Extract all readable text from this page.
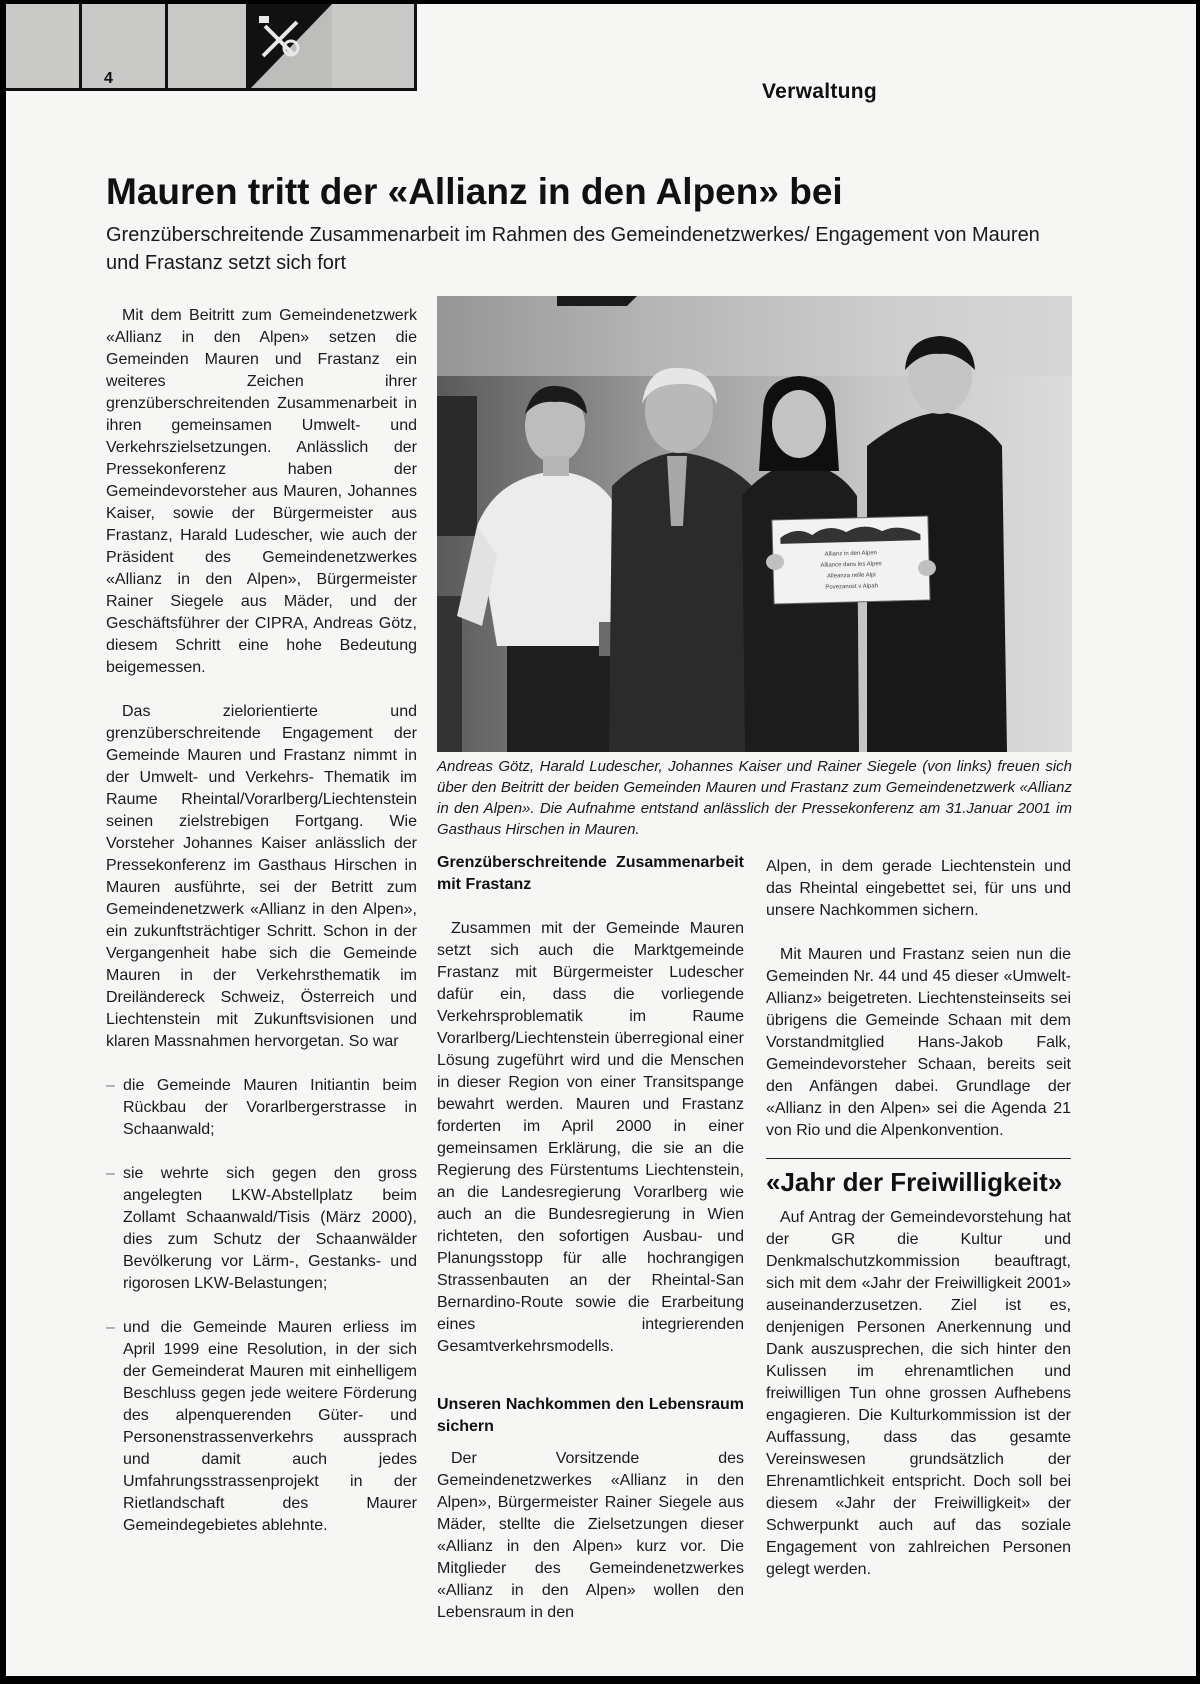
4
Verwaltung
Mauren tritt der «Allianz in den Alpen» bei

Grenzüberschreitende Zusammenarbeit im Rahmen des Gemeindenetzwerkes/ Engagement von Mauren und Frastanz setzt sich fort

Mit dem Beitritt zum Gemeindenetzwerk «Allianz in den Alpen» setzen die Gemeinden Mauren und Frastanz ein weiteres Zeichen ihrer grenzüberschreitenden Zusammenarbeit in ihren gemeinsamen Umwelt- und Verkehrszielsetzungen. Anlässlich der Pressekonferenz haben der Gemeindevorsteher aus Mauren, Johannes Kaiser, sowie der Bürgermeister aus Frastanz, Harald Ludescher, wie auch der Präsident des Gemeindenetzwerkes «Allianz in den Alpen», Bürgermeister Rainer Siegele aus Mäder, und der Geschäftsführer der CIPRA, Andreas Götz, diesem Schritt eine hohe Bedeutung beigemessen.

Das zielorientierte und grenzüberschreitende Engagement der Gemeinde Mauren und Frastanz nimmt in der Umwelt- und Verkehrs- Thematik im Raume Rheintal/Vorarlberg/Liechtenstein seinen zielstrebigen Fortgang. Wie Vorsteher Johannes Kaiser anlässlich der Pressekonferenz im Gasthaus Hirschen in Mauren ausführte, sei der Betritt zum Gemeindenetzwerk «Allianz in den Alpen», ein zukunftsträchtiger Schritt. Schon in der Vergangenheit habe sich die Gemeinde Mauren in der Verkehrsthematik im Dreiländereck Schweiz, Österreich und Liechtenstein mit Zukunftsvisionen und klaren Massnahmen hervorgetan. So war

– die Gemeinde Mauren Initiantin beim Rückbau der Vorarlbergerstrasse in Schaanwald;
– sie wehrte sich gegen den gross angelegten LKW-Abstellplatz beim Zollamt Schaanwald/Tisis (März 2000), dies zum Schutz der Schaanwälder Bevölkerung vor Lärm-, Gestanks- und rigorosen LKW-Belastungen;
– und die Gemeinde Mauren erliess im April 1999 eine Resolution, in der sich der Gemeinderat Mauren mit einhelligem Beschluss gegen jede weitere Förderung des alpenquerenden Güter- und Personenstrassenverkehrs aussprach und damit auch jedes Umfahrungsstrassenprojekt in der Rietlandschaft des Maurer Gemeindegebietes ablehnte.
Allianz in den Alpen
Alliance dans les Alpes
Alleanza nelle Alpi
Povezanost v Alpah

Andreas Götz, Harald Ludescher, Johannes Kaiser und Rainer Siegele (von links) freuen sich über den Beitritt der beiden Gemeinden Mauren und Frastanz zum Gemeindenetzwerk «Allianz in den Alpen». Die Aufnahme entstand anlässlich der Pressekonferenz am 31.Januar 2001 im Gasthaus Hirschen in Mauren.

Grenzüberschreitende Zusammenarbeit mit Frastanz

Zusammen mit der Gemeinde Mauren setzt sich auch die Marktgemeinde Frastanz mit Bürgermeister Ludescher dafür ein, dass die vorliegende Verkehrsproblematik im Raume Vorarlberg/Liechtenstein überregional einer Lösung zugeführt wird und die Menschen in dieser Region von einer Transitspange bewahrt werden. Mauren und Frastanz forderten im April 2000 in einer gemeinsamen Erklärung, die sie an die Regierung des Fürstentums Liechtenstein, an die Landesregierung Vorarlberg wie auch an die Bundesregierung in Wien richteten, den sofortigen Ausbau- und Planungsstopp für alle hochrangigen Strassenbauten an der Rheintal-San Bernardino-Route sowie die Erarbeitung eines integrierenden Gesamtverkehrsmodells.

Unseren Nachkommen den Lebensraum sichern

Der Vorsitzende des Gemeindenetzwerkes «Allianz in den Alpen», Bürgermeister Rainer Siegele aus Mäder, stellte die Zielsetzungen dieser «Allianz in den Alpen» kurz vor. Die Mitglieder des Gemeindenetzwerkes «Allianz in den Alpen» wollen den Lebensraum in den

Alpen, in dem gerade Liechtenstein und das Rheintal eingebettet sei, für uns und unsere Nachkommen sichern.

Mit Mauren und Frastanz seien nun die Gemeinden Nr. 44 und 45 dieser «Umwelt- Allianz» beigetreten. Liechtensteinseits sei übrigens die Gemeinde Schaan mit dem Vorstandmitglied Hans-Jakob Falk, Gemeindevorsteher Schaan, bereits seit den Anfängen dabei. Grundlage der «Allianz in den Alpen» sei die Agenda 21 von Rio und die Alpenkonvention.

«Jahr der Freiwilligkeit»

Auf Antrag der Gemeindevorstehung hat der GR die Kultur und Denkmalschutzkommission beauftragt, sich mit dem «Jahr der Freiwilligkeit 2001» auseinanderzusetzen. Ziel ist es, denjenigen Personen Anerkennung und Dank auszusprechen, die sich hinter den Kulissen im ehrenamtlichen und freiwilligen Tun ohne grossen Aufhebens engagieren. Die Kulturkommission ist der Auffassung, dass das gesamte Vereinswesen grundsätzlich der Ehrenamtlichkeit entspricht. Doch soll bei diesem «Jahr der Freiwilligkeit» der Schwerpunkt auch auf das soziale Engagement von zahlreichen Personen gelegt werden.
